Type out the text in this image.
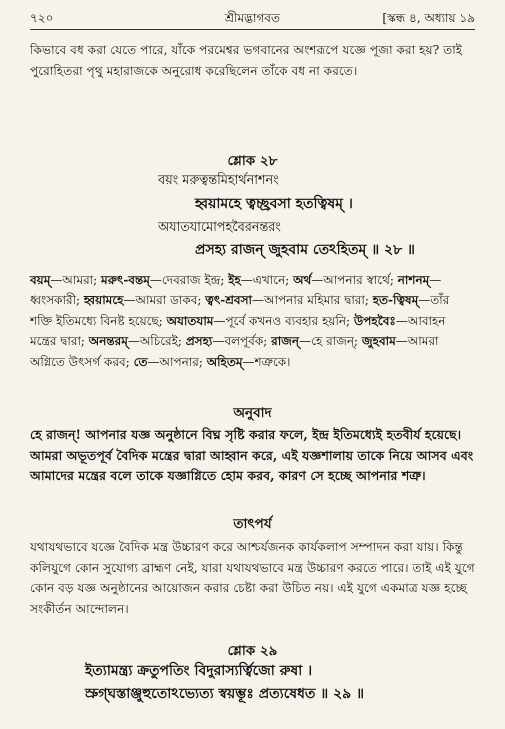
৭২০	শ্রীমদ্ভাগবত	[স্কন্ধ ৪, অধ্যায় ১৯

কিভাবে বধ করা যেতে পারে, যাঁকে পরমেশ্বর ভগবানের অংশরূপে যজ্ঞে পূজা করা হয়? তাই পুরোহিতরা পৃথু মহারাজকে অনুরোধ করেছিলেন তাঁকে বধ না করতে।

শ্লোক ২৮

বয়ং মরুত্বন্তমিহার্থনাশনং

হ্বয়ামহে ত্বচ্ছ্রবসা হতত্বিষম্ ।

অযাতযামোপহবৈরনন্তরং

প্রসহ্য রাজন্ জুহবাম তেঽহিতম্ ॥ ২৮ ॥

বয়ম্—আমরা; মরুৎ-বন্তম্—দেবরাজ ইন্দ্র; ইহ—এখানে; অর্থ—আপনার স্বার্থে; নাশনম্—ধ্বংসকারী; হ্বয়ামহে—আমরা ডাকব; ত্বৎ-শ্রবসা—আপনার মহিমার দ্বারা; হত-ত্বিষম্—তাঁর শক্তি ইতিমধ্যে বিনষ্ট হয়েছে; অযাতযাম—পূর্বে কখনও ব্যবহার হয়নি; উপহবৈঃ—আবাহন মন্ত্রের দ্বারা; অনন্তরম্—অচিরেই; প্রসহ্য—বলপূর্বক; রাজন্—হে রাজন্; জুহবাম—আমরা অগ্নিতে উৎসর্গ করব; তে—আপনার; অহিতম্—শত্রুকে।

অনুবাদ

হে রাজন্! আপনার যজ্ঞ অনুষ্ঠানে বিঘ্ন সৃষ্টি করার ফলে, ইন্দ্র ইতিমধ্যেই হতবীর্য হয়েছে। আমরা অভূতপূর্ব বৈদিক মন্ত্রের দ্বারা আহ্বান করে, এই যজ্ঞশালায় তাকে নিয়ে আসব এবং আমাদের মন্ত্রের বলে তাকে যজ্ঞাগ্নিতে হোম করব, কারণ সে হচ্ছে আপনার শত্রু।

তাৎপর্য

যথাযথভাবে যজ্ঞে বৈদিক মন্ত্র উচ্চারণ করে আশ্চর্যজনক কার্যকলাপ সম্পাদন করা যায়। কিন্তু কলিযুগে কোন সুযোগ্য ব্রাহ্মণ নেই, যারা যথাযথভাবে মন্ত্র উচ্চারণ করতে পারে। তাই এই যুগে কোন বড় যজ্ঞ অনুষ্ঠানের আয়োজন করার চেষ্টা করা উচিত নয়। এই যুগে একমাত্র যজ্ঞ হচ্ছে সংকীর্তন আন্দোলন।

শ্লোক ২৯

ইত্যামন্ত্র্য ক্রতুপতিং বিদুরাস্যর্ত্বিজো রুষা ।

স্রুগ্ঘস্তাঞ্জুহুতোঽভ্যেত্য স্বয়ম্ভূঃ প্রত্যষেধত ॥ ২৯ ॥
